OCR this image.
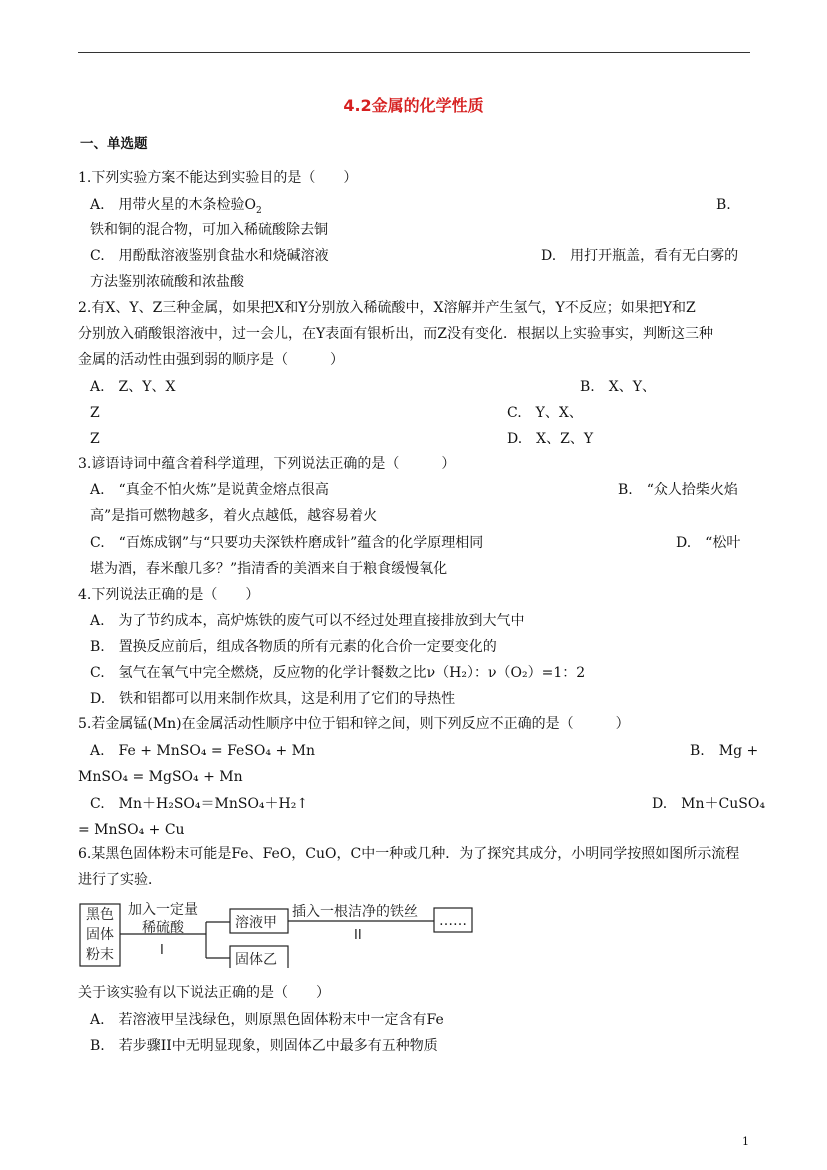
4.2金属的化学性质
一、单选题
1.下列实验方案不能达到实验目的是（　　）
A.　用带火星的木条检验$O_2$	B.
铁和铜的混合物，可加入稀硫酸除去铜
C.　用酚酞溶液鉴别食盐水和烧碱溶液	D.　用打开瓶盖，看有无白雾的
方法鉴别浓硫酸和浓盐酸
2.有X、Y、Z三种金属，如果把X和Y分别放入稀硫酸中，X溶解并产生氢气，Y不反应；如果把Y和Z
分别放入硝酸银溶液中，过一会儿，在Y表面有银析出，而Z没有变化．根据以上实验事实，判断这三种
金属的活动性由强到弱的顺序是（　　　）
A.　Z、Y、X	B.　X、Y、
Z	C.　Y、X、
Z	D.　X、Z、Y
3.谚语诗词中蕴含着科学道理，下列说法正确的是（　　　）
A.　“真金不怕火炼”是说黄金熔点很高	B.　“众人拾柴火焰
高”是指可燃物越多，着火点越低，越容易着火
C.　“百炼成钢”与“只要功夫深铁杵磨成针”蕴含的化学原理相同	D.　“松叶
堪为酒，春米酿几多？”指清香的美酒来自于粮食缓慢氧化
4.下列说法正确的是（　　）
A.　为了节约成本，高炉炼铁的废气可以不经过处理直接排放到大气中
B.　置换反应前后，组成各物质的所有元素的化合价一定要变化的
C.　氢气在氧气中完全燃烧，反应物的化学计餐数之比ν（H₂）：ν（O₂）=1：2
D.　铁和铝都可以用来制作炊具，这是利用了它们的导热性
5.若金属锰(Mn)在金属活动性顺序中位于铝和锌之间，则下列反应不正确的是（　　　）
A.　Fe + MnSO₄ = FeSO₄ + Mn	B.　Mg +
MnSO₄ = MgSO₄ + Mn
C.　Mn＋H₂SO₄＝MnSO₄＋H₂↑	D.　Mn＋CuSO₄
= MnSO₄ + Cu
6.某黑色固体粉末可能是Fe、FeO，CuO，C中一种或几种．为了探究其成分，小明同学按照如图所示流程
进行了实验．
黑色
固体
粉末
加入一定量
稀硫酸
I
溶液甲
插入一根洁净的铁丝
II
……
固体乙
关于该实验有以下说法正确的是（　　）
A.　若溶液甲呈浅绿色，则原黑色固体粉末中一定含有Fe
B.　若步骤II中无明显现象，则固体乙中最多有五种物质
1
